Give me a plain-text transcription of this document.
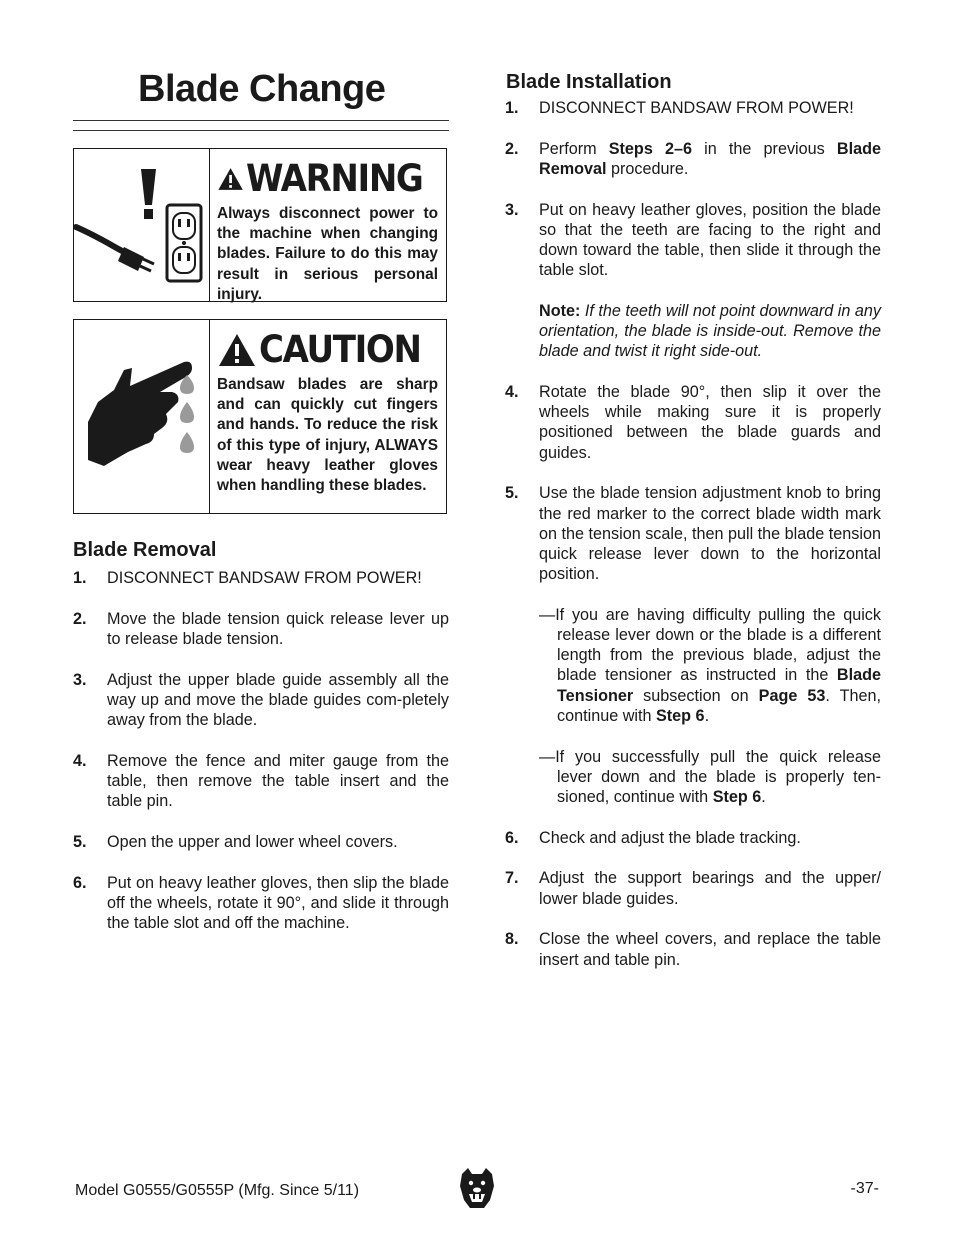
Blade Change
WARNING

Always disconnect power to the machine when changing blades. Failure to do this may result in serious personal injury.

CAUTION

Bandsaw blades are sharp and can quickly cut fingers and hands. To reduce the risk of this type of injury, ALWAYS wear heavy leather gloves when handling these blades.

Blade Removal
1. DISCONNECT BANDSAW FROM POWER!
2. Move the blade tension quick release lever up to release blade tension.
3. Adjust the upper blade guide assembly all the way up and move the blade guides com-pletely away from the blade.
4. Remove the fence and miter gauge from the table, then remove the table insert and the table pin.
5. Open the upper and lower wheel covers.
6. Put on heavy leather gloves, then slip the blade off the wheels, rotate it 90°, and slide it through the table slot and off the machine.
Blade Installation
1. DISCONNECT BANDSAW FROM POWER!
2. Perform Steps 2–6 in the previous Blade Removal procedure.
3. Put on heavy leather gloves, position the blade so that the teeth are facing to the right and down toward the table, then slide it through the table slot.
Note: If the teeth will not point downward in any orientation, the blade is inside-out. Remove the blade and twist it right side-out.
4. Rotate the blade 90°, then slip it over the wheels while making sure it is properly positioned between the blade guards and guides.
5. Use the blade tension adjustment knob to bring the red marker to the correct blade width mark on the tension scale, then pull the blade tension quick release lever down to the horizontal position.
—If you are having difficulty pulling the quick release lever down or the blade is a different length from the previous blade, adjust the blade tensioner as instructed in the Blade Tensioner subsection on Page 53. Then, continue with Step 6.
—If you successfully pull the quick release lever down and the blade is properly ten-sioned, continue with Step 6.
6. Check and adjust the blade tracking.
7. Adjust the support bearings and the upper/ lower blade guides.
8. Close the wheel covers, and replace the table insert and table pin.
Model G0555/G0555P (Mfg. Since 5/11)	-37-
